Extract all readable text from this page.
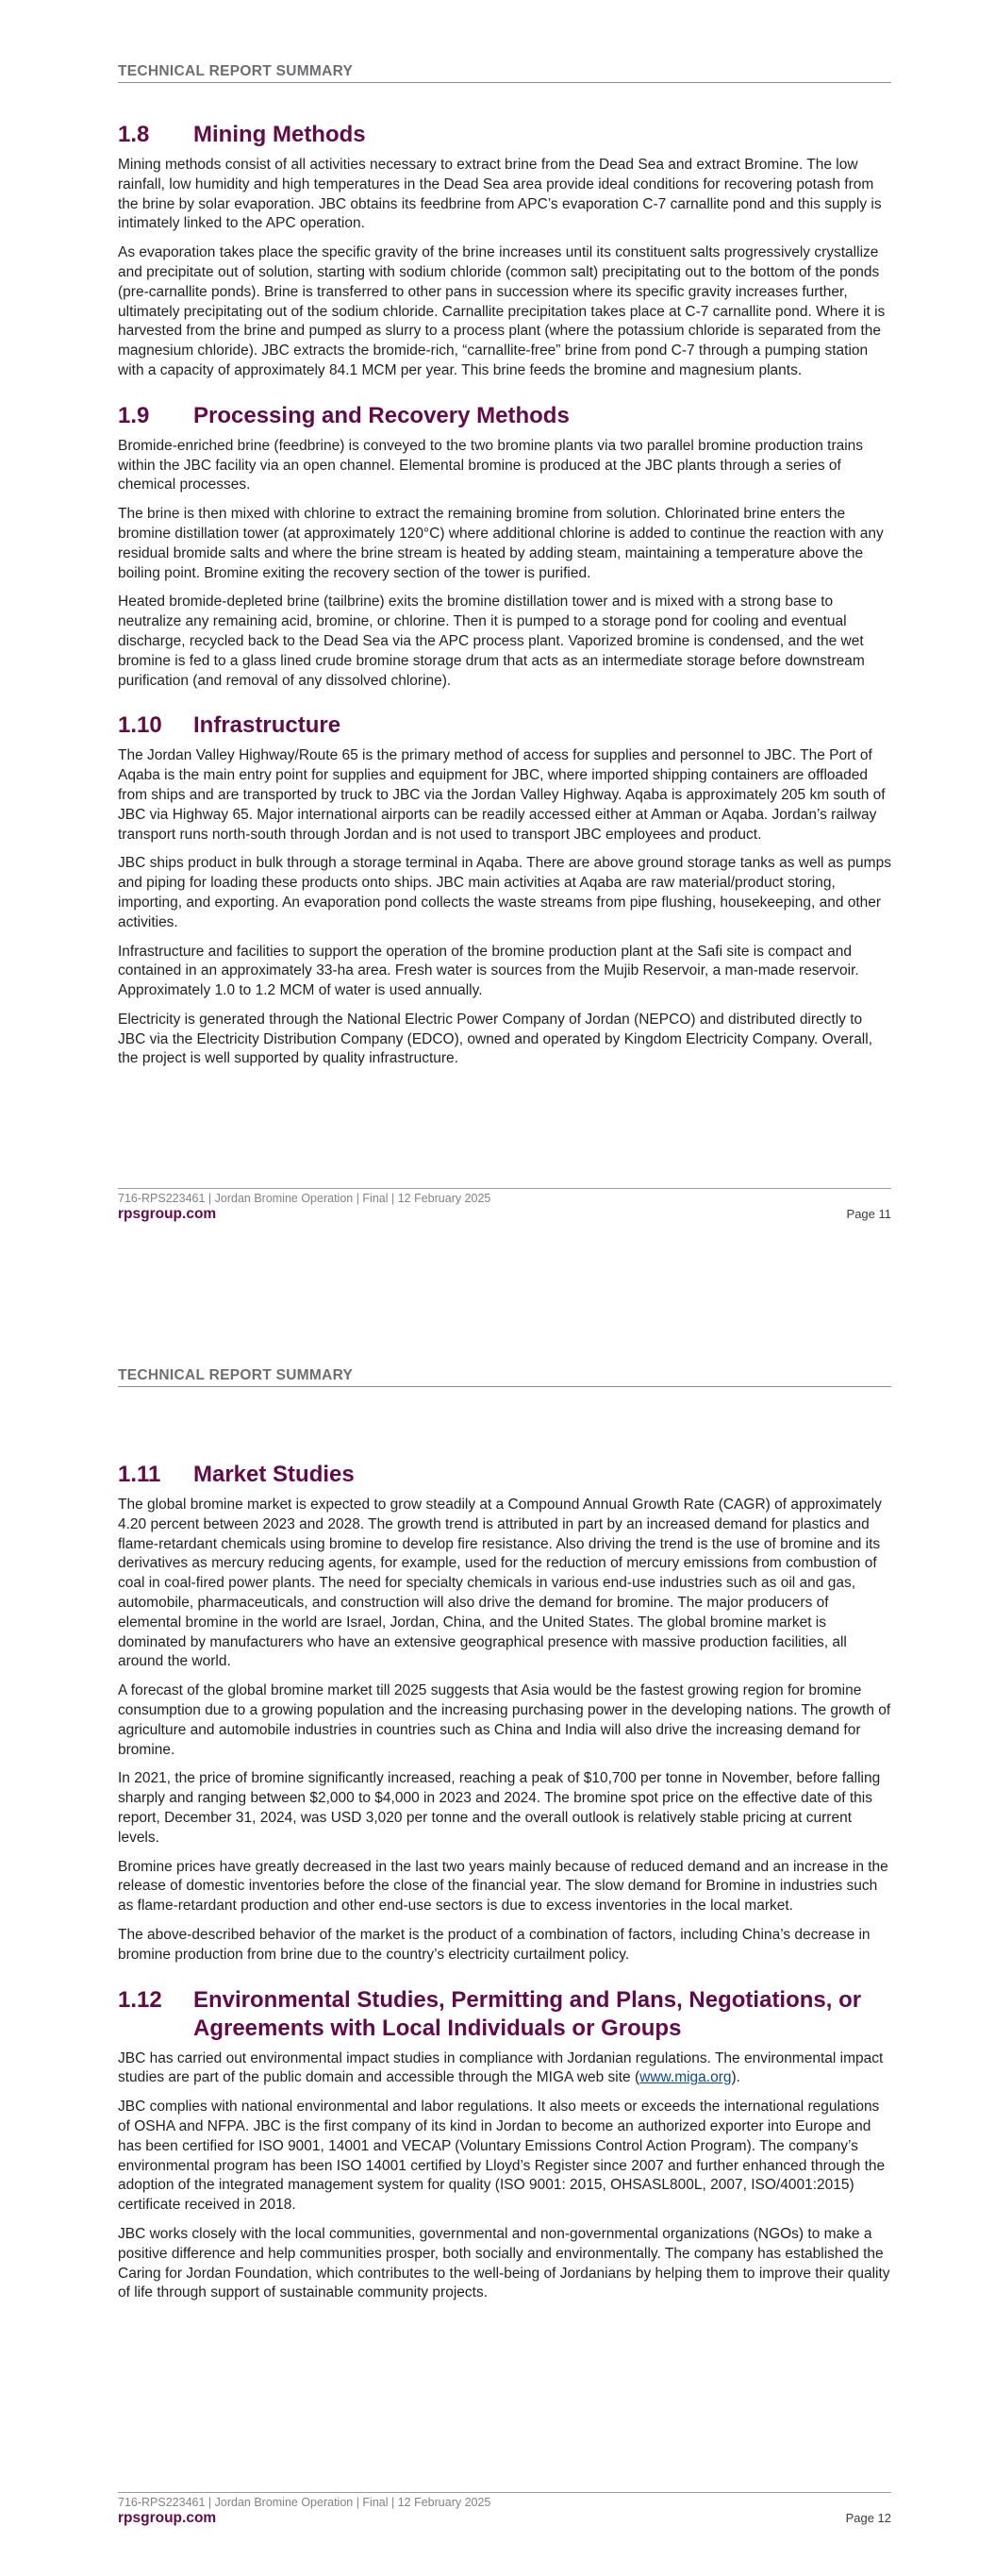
TECHNICAL REPORT SUMMARY
1.8	Mining Methods

Mining methods consist of all activities necessary to extract brine from the Dead Sea and extract Bromine. The low rainfall, low humidity and high temperatures in the Dead Sea area provide ideal conditions for recovering potash from the brine by solar evaporation. JBC obtains its feedbrine from APC’s evaporation C-7 carnallite pond and this supply is intimately linked to the APC operation.

As evaporation takes place the specific gravity of the brine increases until its constituent salts progressively crystallize and precipitate out of solution, starting with sodium chloride (common salt) precipitating out to the bottom of the ponds (pre-carnallite ponds). Brine is transferred to other pans in succession where its specific gravity increases further, ultimately precipitating out of the sodium chloride. Carnallite precipitation takes place at C-7 carnallite pond. Where it is harvested from the brine and pumped as slurry to a process plant (where the potassium chloride is separated from the magnesium chloride). JBC extracts the bromide-rich, “carnallite-free” brine from pond C-7 through a pumping station with a capacity of approximately 84.1 MCM per year. This brine feeds the bromine and magnesium plants.

1.9	Processing and Recovery Methods

Bromide-enriched brine (feedbrine) is conveyed to the two bromine plants via two parallel bromine production trains within the JBC facility via an open channel. Elemental bromine is produced at the JBC plants through a series of chemical processes.

The brine is then mixed with chlorine to extract the remaining bromine from solution. Chlorinated brine enters the bromine distillation tower (at approximately 120°C) where additional chlorine is added to continue the reaction with any residual bromide salts and where the brine stream is heated by adding steam, maintaining a temperature above the boiling point. Bromine exiting the recovery section of the tower is purified.

Heated bromide-depleted brine (tailbrine) exits the bromine distillation tower and is mixed with a strong base to neutralize any remaining acid, bromine, or chlorine. Then it is pumped to a storage pond for cooling and eventual discharge, recycled back to the Dead Sea via the APC process plant. Vaporized bromine is condensed, and the wet bromine is fed to a glass lined crude bromine storage drum that acts as an intermediate storage before downstream purification (and removal of any dissolved chlorine).

1.10	Infrastructure

The Jordan Valley Highway/Route 65 is the primary method of access for supplies and personnel to JBC. The Port of Aqaba is the main entry point for supplies and equipment for JBC, where imported shipping containers are offloaded from ships and are transported by truck to JBC via the Jordan Valley Highway. Aqaba is approximately 205 km south of JBC via Highway 65. Major international airports can be readily accessed either at Amman or Aqaba. Jordan’s railway transport runs north-south through Jordan and is not used to transport JBC employees and product.

JBC ships product in bulk through a storage terminal in Aqaba. There are above ground storage tanks as well as pumps and piping for loading these products onto ships. JBC main activities at Aqaba are raw material/product storing, importing, and exporting. An evaporation pond collects the waste streams from pipe flushing, housekeeping, and other activities.

Infrastructure and facilities to support the operation of the bromine production plant at the Safi site is compact and contained in an approximately 33-ha area. Fresh water is sources from the Mujib Reservoir, a man-made reservoir. Approximately 1.0 to 1.2 MCM of water is used annually.

Electricity is generated through the National Electric Power Company of Jordan (NEPCO) and distributed directly to JBC via the Electricity Distribution Company (EDCO), owned and operated by Kingdom Electricity Company. Overall, the project is well supported by quality infrastructure.

716-RPS223461 | Jordan Bromine Operation | Final | 12 February 2025
rpsgroup.com	Page 11
TECHNICAL REPORT SUMMARY
1.11	Market Studies

The global bromine market is expected to grow steadily at a Compound Annual Growth Rate (CAGR) of approximately 4.20 percent between 2023 and 2028. The growth trend is attributed in part by an increased demand for plastics and flame-retardant chemicals using bromine to develop fire resistance. Also driving the trend is the use of bromine and its derivatives as mercury reducing agents, for example, used for the reduction of mercury emissions from combustion of coal in coal-fired power plants. The need for specialty chemicals in various end-use industries such as oil and gas, automobile, pharmaceuticals, and construction will also drive the demand for bromine. The major producers of elemental bromine in the world are Israel, Jordan, China, and the United States. The global bromine market is dominated by manufacturers who have an extensive geographical presence with massive production facilities, all around the world.

A forecast of the global bromine market till 2025 suggests that Asia would be the fastest growing region for bromine consumption due to a growing population and the increasing purchasing power in the developing nations. The growth of agriculture and automobile industries in countries such as China and India will also drive the increasing demand for bromine.

In 2021, the price of bromine significantly increased, reaching a peak of $10,700 per tonne in November, before falling sharply and ranging between $2,000 to $4,000 in 2023 and 2024. The bromine spot price on the effective date of this report, December 31, 2024, was USD 3,020 per tonne and the overall outlook is relatively stable pricing at current levels.

Bromine prices have greatly decreased in the last two years mainly because of reduced demand and an increase in the release of domestic inventories before the close of the financial year. The slow demand for Bromine in industries such as flame-retardant production and other end-use sectors is due to excess inventories in the local market.

The above-described behavior of the market is the product of a combination of factors, including China’s decrease in bromine production from brine due to the country’s electricity curtailment policy.

1.12	Environmental Studies, Permitting and Plans, Negotiations, or Agreements with Local Individuals or Groups

JBC has carried out environmental impact studies in compliance with Jordanian regulations. The environmental impact studies are part of the public domain and accessible through the MIGA web site (www.miga.org).

JBC complies with national environmental and labor regulations. It also meets or exceeds the international regulations of OSHA and NFPA. JBC is the first company of its kind in Jordan to become an authorized exporter into Europe and has been certified for ISO 9001, 14001 and VECAP (Voluntary Emissions Control Action Program). The company’s environmental program has been ISO 14001 certified by Lloyd’s Register since 2007 and further enhanced through the adoption of the integrated management system for quality (ISO 9001: 2015, OHSASL800L, 2007, ISO/4001:2015) certificate received in 2018.

JBC works closely with the local communities, governmental and non-governmental organizations (NGOs) to make a positive difference and help communities prosper, both socially and environmentally. The company has established the Caring for Jordan Foundation, which contributes to the well-being of Jordanians by helping them to improve their quality of life through support of sustainable community projects.

716-RPS223461 | Jordan Bromine Operation | Final | 12 February 2025
rpsgroup.com	Page 12
